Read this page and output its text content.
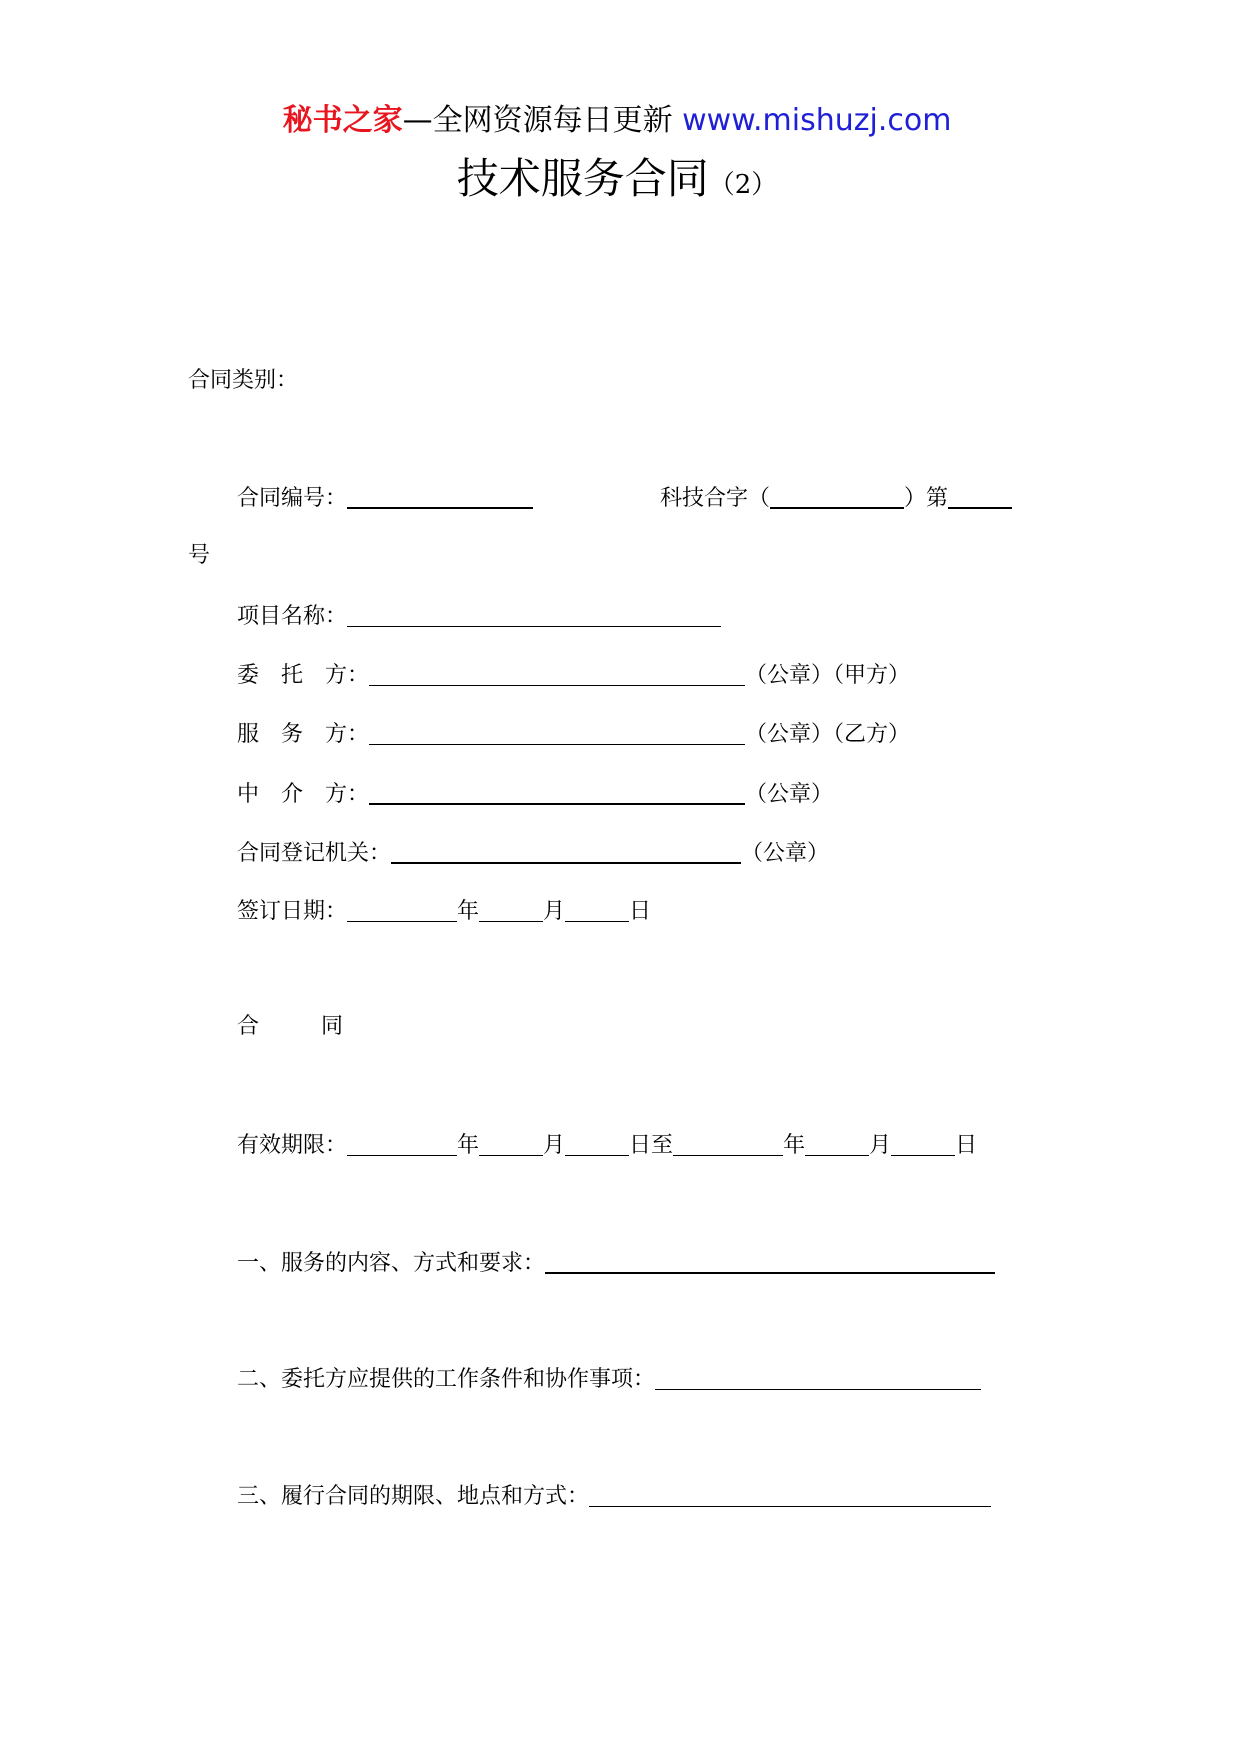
秘书之家—全网资源每日更新 www.mishuzj.com
技术服务合同（2）
合同类别：
合同编号：	科技合字（	）第
号
项目名称：
委　托　方：	（公章）（甲方）
服　务　方：	（公章）（乙方）
中　介　方：	（公章）
合同登记机关：	（公章）
签订日期：	年	月	日
合	同
有效期限：	年	月	日至	年	月	日
一、服务的内容、方式和要求：
二、委托方应提供的工作条件和协作事项：
三、履行合同的期限、地点和方式：
